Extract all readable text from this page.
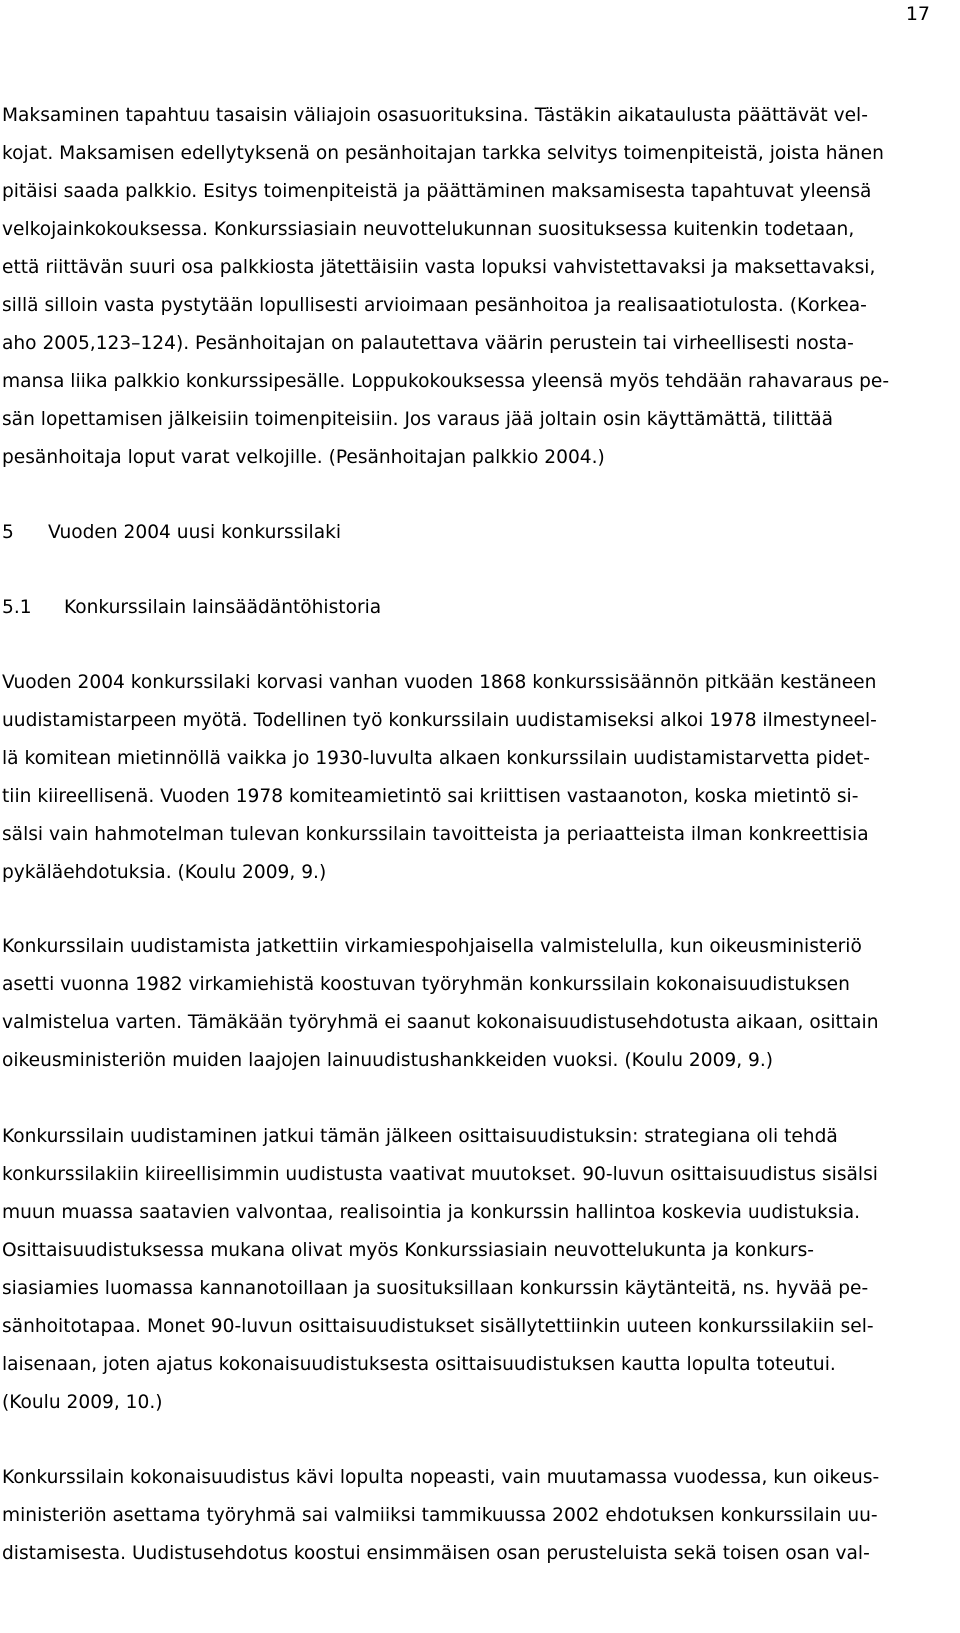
17
Maksaminen tapahtuu tasaisin väliajoin osasuorituksina. Tästäkin aikataulusta päättävät vel-
kojat. Maksamisen edellytyksenä on pesänhoitajan tarkka selvitys toimenpiteistä, joista hänen
pitäisi saada palkkio. Esitys toimenpiteistä ja päättäminen maksamisesta tapahtuvat yleensä
velkojainkokouksessa. Konkurssiasiain neuvottelukunnan suosituksessa kuitenkin todetaan,
että riittävän suuri osa palkkiosta jätettäisiin vasta lopuksi vahvistettavaksi ja maksettavaksi,
sillä silloin vasta pystytään lopullisesti arvioimaan pesänhoitoa ja realisaatiotulosta. (Korkea-
aho 2005,123–124). Pesänhoitajan on palautettava väärin perustein tai virheellisesti nosta-
mansa liika palkkio konkurssipesälle. Loppukokouksessa yleensä myös tehdään rahavaraus pe-
sän lopettamisen jälkeisiin toimenpiteisiin. Jos varaus jää joltain osin käyttämättä, tilittää
pesänhoitaja loput varat velkojille. (Pesänhoitajan palkkio 2004.)
5 Vuoden 2004 uusi konkurssilaki
5.1 Konkurssilain lainsäädäntöhistoria
Vuoden 2004 konkurssilaki korvasi vanhan vuoden 1868 konkurssisäännön pitkään kestäneen
uudistamistarpeen myötä. Todellinen työ konkurssilain uudistamiseksi alkoi 1978 ilmestyneel-
lä komitean mietinnöllä vaikka jo 1930-luvulta alkaen konkurssilain uudistamistarvetta pidet-
tiin kiireellisenä. Vuoden 1978 komiteamietintö sai kriittisen vastaanoton, koska mietintö si-
sälsi vain hahmotelman tulevan konkurssilain tavoitteista ja periaatteista ilman konkreettisia
pykäläehdotuksia. (Koulu 2009, 9.)
Konkurssilain uudistamista jatkettiin virkamiespohjaisella valmistelulla, kun oikeusministeriö
asetti vuonna 1982 virkamiehistä koostuvan työryhmän konkurssilain kokonaisuudistuksen
valmistelua varten. Tämäkään työryhmä ei saanut kokonaisuudistusehdotusta aikaan, osittain
oikeusministeriön muiden laajojen lainuudistushankkeiden vuoksi. (Koulu 2009, 9.)
Konkurssilain uudistaminen jatkui tämän jälkeen osittaisuudistuksin: strategiana oli tehdä
konkurssilakiin kiireellisimmin uudistusta vaativat muutokset. 90-luvun osittaisuudistus sisälsi
muun muassa saatavien valvontaa, realisointia ja konkurssin hallintoa koskevia uudistuksia.
Osittaisuudistuksessa mukana olivat myös Konkurssiasiain neuvottelukunta ja konkurs-
siasiamies luomassa kannanotoillaan ja suosituksillaan konkurssin käytänteitä, ns. hyvää pe-
sänhoitotapaa. Monet 90-luvun osittaisuudistukset sisällytettiinkin uuteen konkurssilakiin sel-
laisenaan, joten ajatus kokonaisuudistuksesta osittaisuudistuksen kautta lopulta toteutui.
(Koulu 2009, 10.)
Konkurssilain kokonaisuudistus kävi lopulta nopeasti, vain muutamassa vuodessa, kun oikeus-
ministeriön asettama työryhmä sai valmiiksi tammikuussa 2002 ehdotuksen konkurssilain uu-
distamisesta. Uudistusehdotus koostui ensimmäisen osan perusteluista sekä toisen osan val-
